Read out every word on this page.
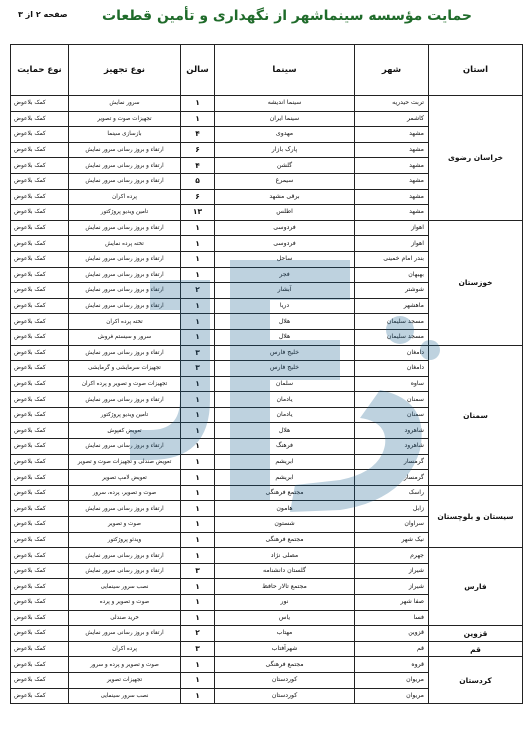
صفحه ۲ از ۳ حمایت مؤسسه سینماشهر از نگهداری و تأمین قطعات
استان	شهر	سینما	سالن	نوع تجهیز	نوع حمایت
خراسان رضوی	تربت حیدریه	سینما اندیشه	۱	سرور نمایش	کمک بلاعوض
	کاشمر	سینما ایران	۱	تجهیزات صوت و تصویر	کمک بلاعوض
	مشهد	مهدوی	۴	بازسازی سینما	کمک بلاعوض
	مشهد	پارک بازار	۶	ارتقاء و بروز رسانی سرور نمایش	کمک بلاعوض
	مشهد	گلشن	۴	ارتقاء و بروز رسانی سرور نمایش	کمک بلاعوض
	مشهد	سیمرغ	۵	ارتقاء و بروز رسانی سرور نمایش	کمک بلاعوض
	مشهد	برقی مشهد	۶	پرده اکران	کمک بلاعوض
	مشهد	اطلس	۱۳	تامین ویدیو پروژکتور	کمک بلاعوض
خوزستان	اهواز	فردوسی	۱	ارتقاء و بروز رسانی سرور نمایش	کمک بلاعوض
	اهواز	فردوسی	۱	تخته پرده نمایش	کمک بلاعوض
	بندر امام خمینی	ساحل	۱	ارتقاء و بروز رسانی سرور نمایش	کمک بلاعوض
	بهبهان	فجر	۱	ارتقاء و بروز رسانی سرور نمایش	کمک بلاعوض
	شوشتر	آبشار	۲	ارتقاء و بروز رسانی سرور نمایش	کمک بلاعوض
	ماهشهر	دریا	۱	ارتقاء و بروز رسانی سرور نمایش	کمک بلاعوض
	مسجد سلیمان	هلال	۱	تخته پرده اکران	کمک بلاعوض
	مسجد سلیمان	هلال	۱	سرور و سیستم فروش	کمک بلاعوض
سمنان	دامغان	خلیج فارس	۳	ارتقاء و بروز رسانی سرور نمایش	کمک بلاعوض
	دامغان	خلیج فارس	۳	تجهیزات سرمایشی و گرمایشی	کمک بلاعوض
	ساوه	سلمان	۱	تجهیزات صوت و تصویر و پرده اکران	کمک بلاعوض
	سمنان	یادمان	۱	ارتقاء و بروز رسانی سرور نمایش	کمک بلاعوض
	سمنان	یادمان	۱	تامین ویدیو پروژکتور	کمک بلاعوض
	شاهرود	هلال	۱	تعویض کفپوش	کمک بلاعوض
	شاهرود	فرهنگ	۱	ارتقاء و بروز رسانی سرور نمایش	کمک بلاعوض
	گرمسار	ابریشم	۱	تعویض صندلی و تجهیزات صوت و تصویر	کمک بلاعوض
	گرمسار	ابریشم	۱	تعویض لامپ تصویر	کمک بلاعوض
سیستان و بلوچستان	راسک	مجتمع فرهنگی	۱	صوت و تصویر، پرده، سرور	کمک بلاعوض
	زابل	هامون	۱	ارتقاء و بروز رسانی سرور نمایش	کمک بلاعوض
	سراوان	شستون	۱	صوت و تصویر	کمک بلاعوض
	نیک شهر	مجتمع فرهنگی	۱	ویدئو پروژکتور	کمک بلاعوض
فارس	جهرم	مصلی نژاد	۱	ارتقاء و بروز رسانی سرور نمایش	کمک بلاعوض
	شیراز	گلستان دانشنامه	۳	ارتقاء و بروز رسانی سرور نمایش	کمک بلاعوض
	شیراز	مجتمع تالار حافظ	۱	نصب سرور سینمایی	کمک بلاعوض
	صفا شهر	نور	۱	صوت و تصویر و پرده	کمک بلاعوض
	فسا	یاس	۱	خرید صندلی	کمک بلاعوض
قزوین	قزوین	مهتاب	۲	ارتقاء و بروز رسانی سرور نمایش	کمک بلاعوض
قم	قم	شهرآفتاب	۳	پرده اکران	کمک بلاعوض
کردستان	قروه	مجتمع فرهنگی	۱	صوت و تصویر و پرده و سرور	کمک بلاعوض
	مریوان	کوردستان	۱	تجهیزات تصویر	کمک بلاعوض
	مریوان	کوردستان	۱	نصب سرور سینمایی	کمک بلاعوض
